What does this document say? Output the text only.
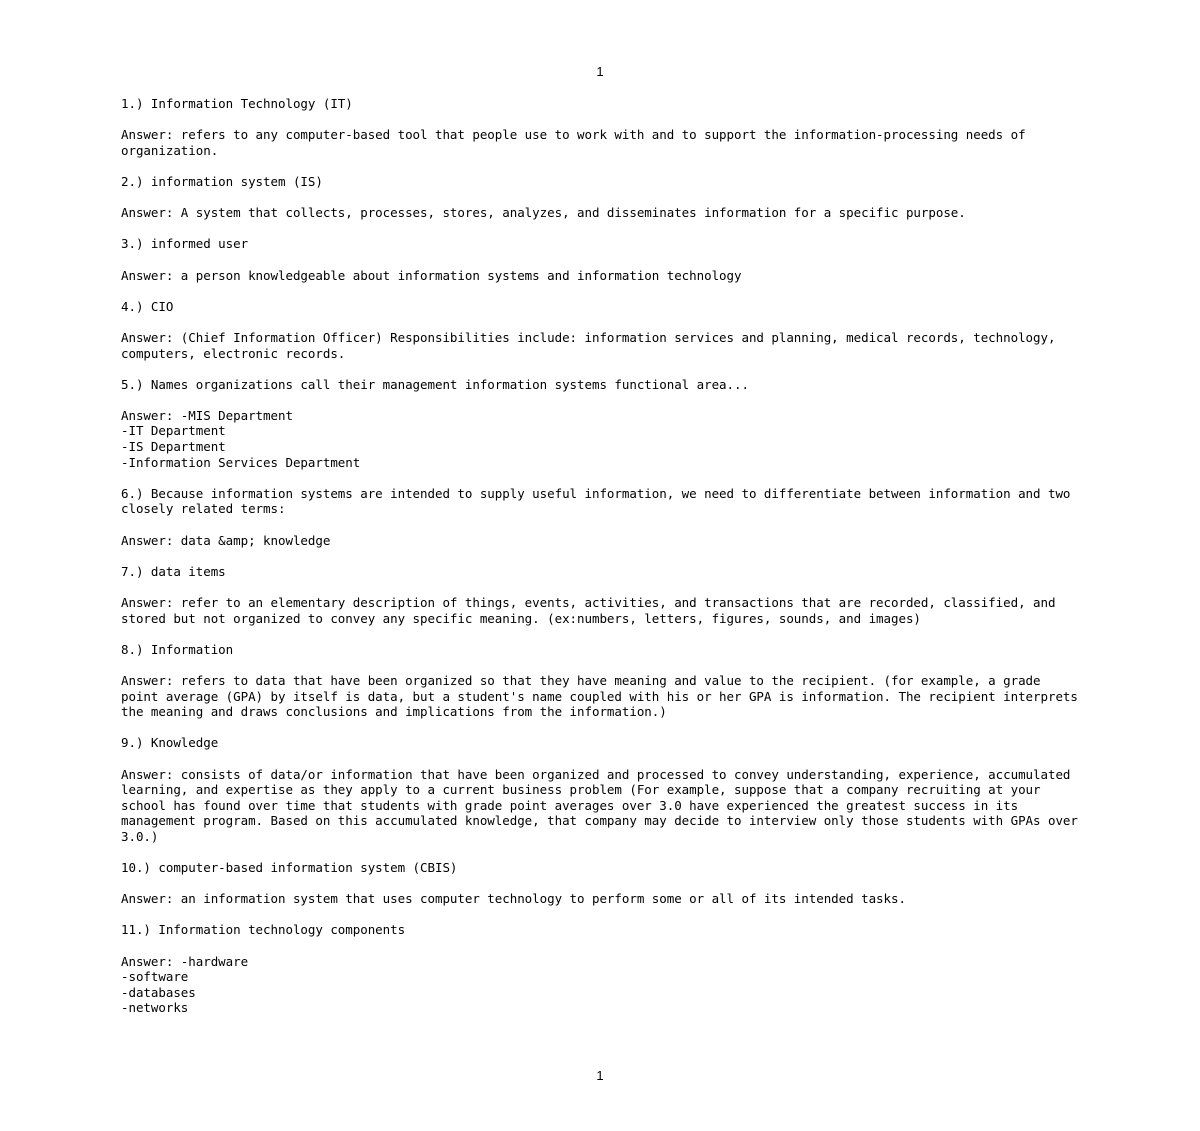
1

1.) Information Technology (IT)

Answer: refers to any computer-based tool that people use to work with and to support the information-processing needs of organization.

2.) information system (IS)

Answer: A system that collects, processes, stores, analyzes, and disseminates information for a specific purpose.

3.) informed user

Answer: a person knowledgeable about information systems and information technology

4.) CIO

Answer: (Chief Information Officer) Responsibilities include: information services and planning, medical records, technology, computers, electronic records.

5.) Names organizations call their management information systems functional area...

Answer: -MIS Department
-IT Department
-IS Department
-Information Services Department

6.) Because information systems are intended to supply useful information, we need to differentiate between information and two closely related terms:

Answer: data &amp; knowledge

7.) data items

Answer: refer to an elementary description of things, events, activities, and transactions that are recorded, classified, and stored but not organized to convey any specific meaning. (ex:numbers, letters, figures, sounds, and images)

8.) Information

Answer: refers to data that have been organized so that they have meaning and value to the recipient. (for example, a grade point average (GPA) by itself is data, but a student's name coupled with his or her GPA is information. The recipient interprets the meaning and draws conclusions and implications from the information.)

9.) Knowledge

Answer: consists of data/or information that have been organized and processed to convey understanding, experience, accumulated learning, and expertise as they apply to a current business problem (For example, suppose that a company recruiting at your school has found over time that students with grade point averages over 3.0 have experienced the greatest success in its management program. Based on this accumulated knowledge, that company may decide to interview only those students with GPAs over 3.0.)

10.) computer-based information system (CBIS)

Answer: an information system that uses computer technology to perform some or all of its intended tasks.

11.) Information technology components

Answer: -hardware
-software
-databases
-networks

1
